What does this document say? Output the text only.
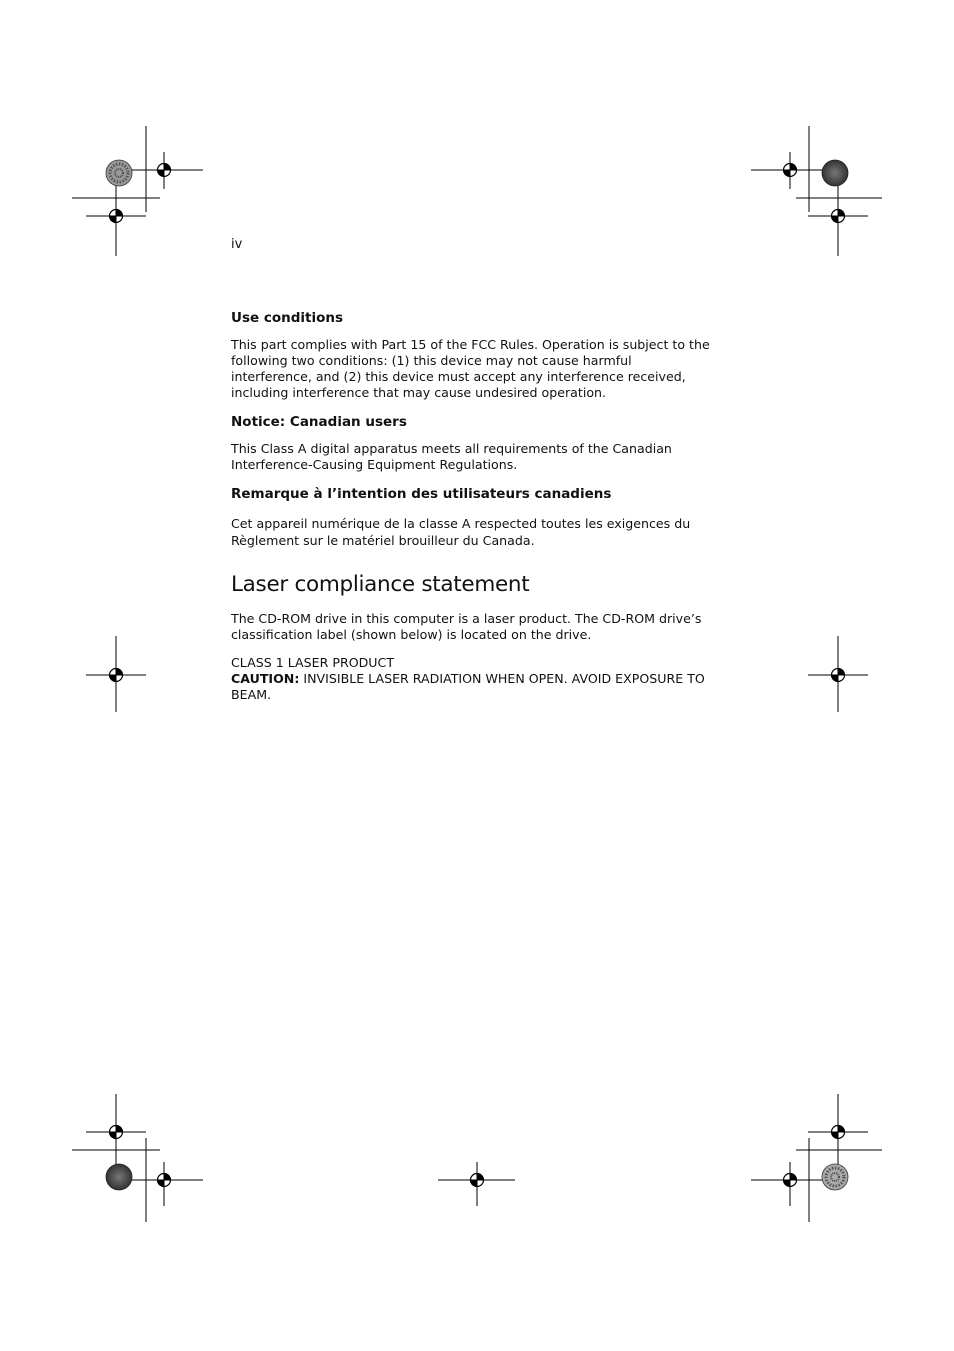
iv
Use conditions

This part complies with Part 15 of the FCC Rules. Operation is subject to the following two conditions: (1) this device may not cause harmful interference, and (2) this device must accept any interference received, including interference that may cause undesired operation.

Notice: Canadian users

This Class A digital apparatus meets all requirements of the Canadian Interference-Causing Equipment Regulations.

Remarque à l’intention des utilisateurs canadiens

Cet appareil numérique de la classe A respected toutes les exigences du Règlement sur le matériel brouilleur du Canada.

Laser compliance statement

The CD-ROM drive in this computer is a laser product. The CD-ROM drive’s classification label (shown below) is located on the drive.

CLASS 1 LASER PRODUCT

CAUTION: INVISIBLE LASER RADIATION WHEN OPEN. AVOID EXPOSURE TO BEAM.
